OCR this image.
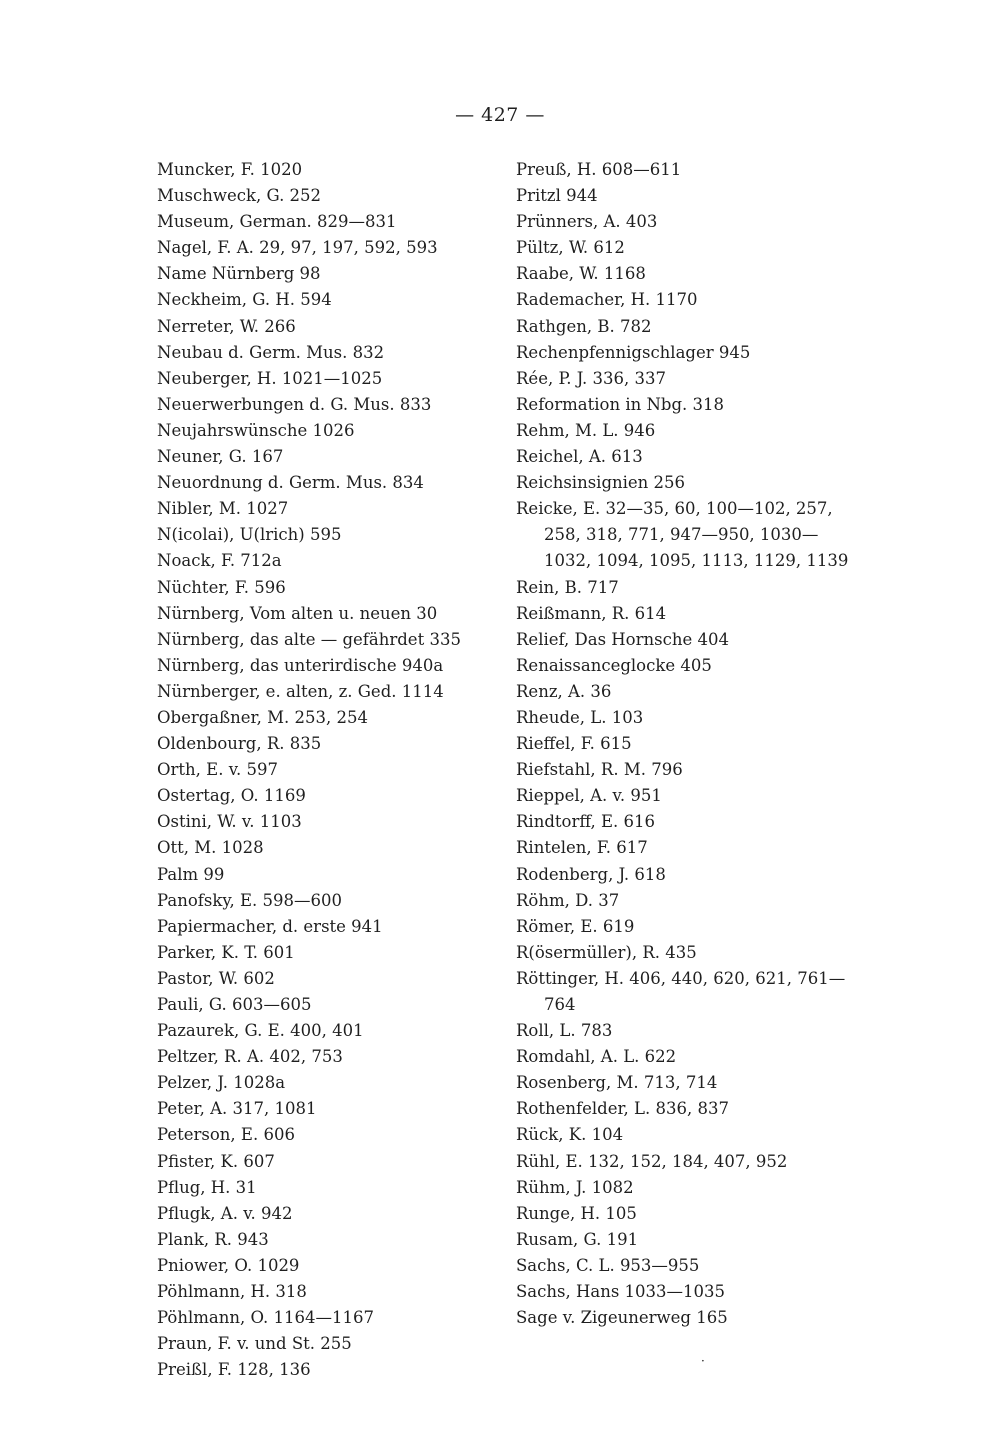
— 427 —
Muncker, F. 1020
Muschweck, G. 252
Museum, German. 829—831
Nagel, F. A. 29, 97, 197, 592, 593
Name Nürnberg 98
Neckheim, G. H. 594
Nerreter, W. 266
Neubau d. Germ. Mus. 832
Neuberger, H. 1021—1025
Neuerwerbungen d. G. Mus. 833
Neujahrswünsche 1026
Neuner, G. 167
Neuordnung d. Germ. Mus. 834
Nibler, M. 1027
N(icolai), U(lrich) 595
Noack, F. 712a
Nüchter, F. 596
Nürnberg, Vom alten u. neuen 30
Nürnberg, das alte — gefährdet 335
Nürnberg, das unterirdische 940a
Nürnberger, e. alten, z. Ged. 1114
Obergaßner, M. 253, 254
Oldenbourg, R. 835
Orth, E. v. 597
Ostertag, O. 1169
Ostini, W. v. 1103
Ott, M. 1028
Palm 99
Panofsky, E. 598—600
Papiermacher, d. erste 941
Parker, K. T. 601
Pastor, W. 602
Pauli, G. 603—605
Pazaurek, G. E. 400, 401
Peltzer, R. A. 402, 753
Pelzer, J. 1028a
Peter, A. 317, 1081
Peterson, E. 606
Pfister, K. 607
Pflug, H. 31
Pflugk, A. v. 942
Plank, R. 943
Pniower, O. 1029
Pöhlmann, H. 318
Pöhlmann, O. 1164—1167
Praun, F. v. und St. 255
Preißl, F. 128, 136
Preuß, H. 608—611
Pritzl 944
Prünners, A. 403
Pültz, W. 612
Raabe, W. 1168
Rademacher, H. 1170
Rathgen, B. 782
Rechenpfennigschlager 945
Rée, P. J. 336, 337
Reformation in Nbg. 318
Rehm, M. L. 946
Reichel, A. 613
Reichsinsignien 256
Reicke, E. 32—35, 60, 100—102, 257, 258, 318, 771, 947—950, 1030—1032, 1094, 1095, 1113, 1129, 1139
Rein, B. 717
Reißmann, R. 614
Relief, Das Hornsche 404
Renaissanceglocke 405
Renz, A. 36
Rheude, L. 103
Rieffel, F. 615
Riefstahl, R. M. 796
Rieppel, A. v. 951
Rindtorff, E. 616
Rintelen, F. 617
Rodenberg, J. 618
Röhm, D. 37
Römer, E. 619
R(ösermüller), R. 435
Röttinger, H. 406, 440, 620, 621, 761—764
Roll, L. 783
Romdahl, A. L. 622
Rosenberg, M. 713, 714
Rothenfelder, L. 836, 837
Rück, K. 104
Rühl, E. 132, 152, 184, 407, 952
Rühm, J. 1082
Runge, H. 105
Rusam, G. 191
Sachs, C. L. 953—955
Sachs, Hans 1033—1035
Sage v. Zigeunerweg 165
·
